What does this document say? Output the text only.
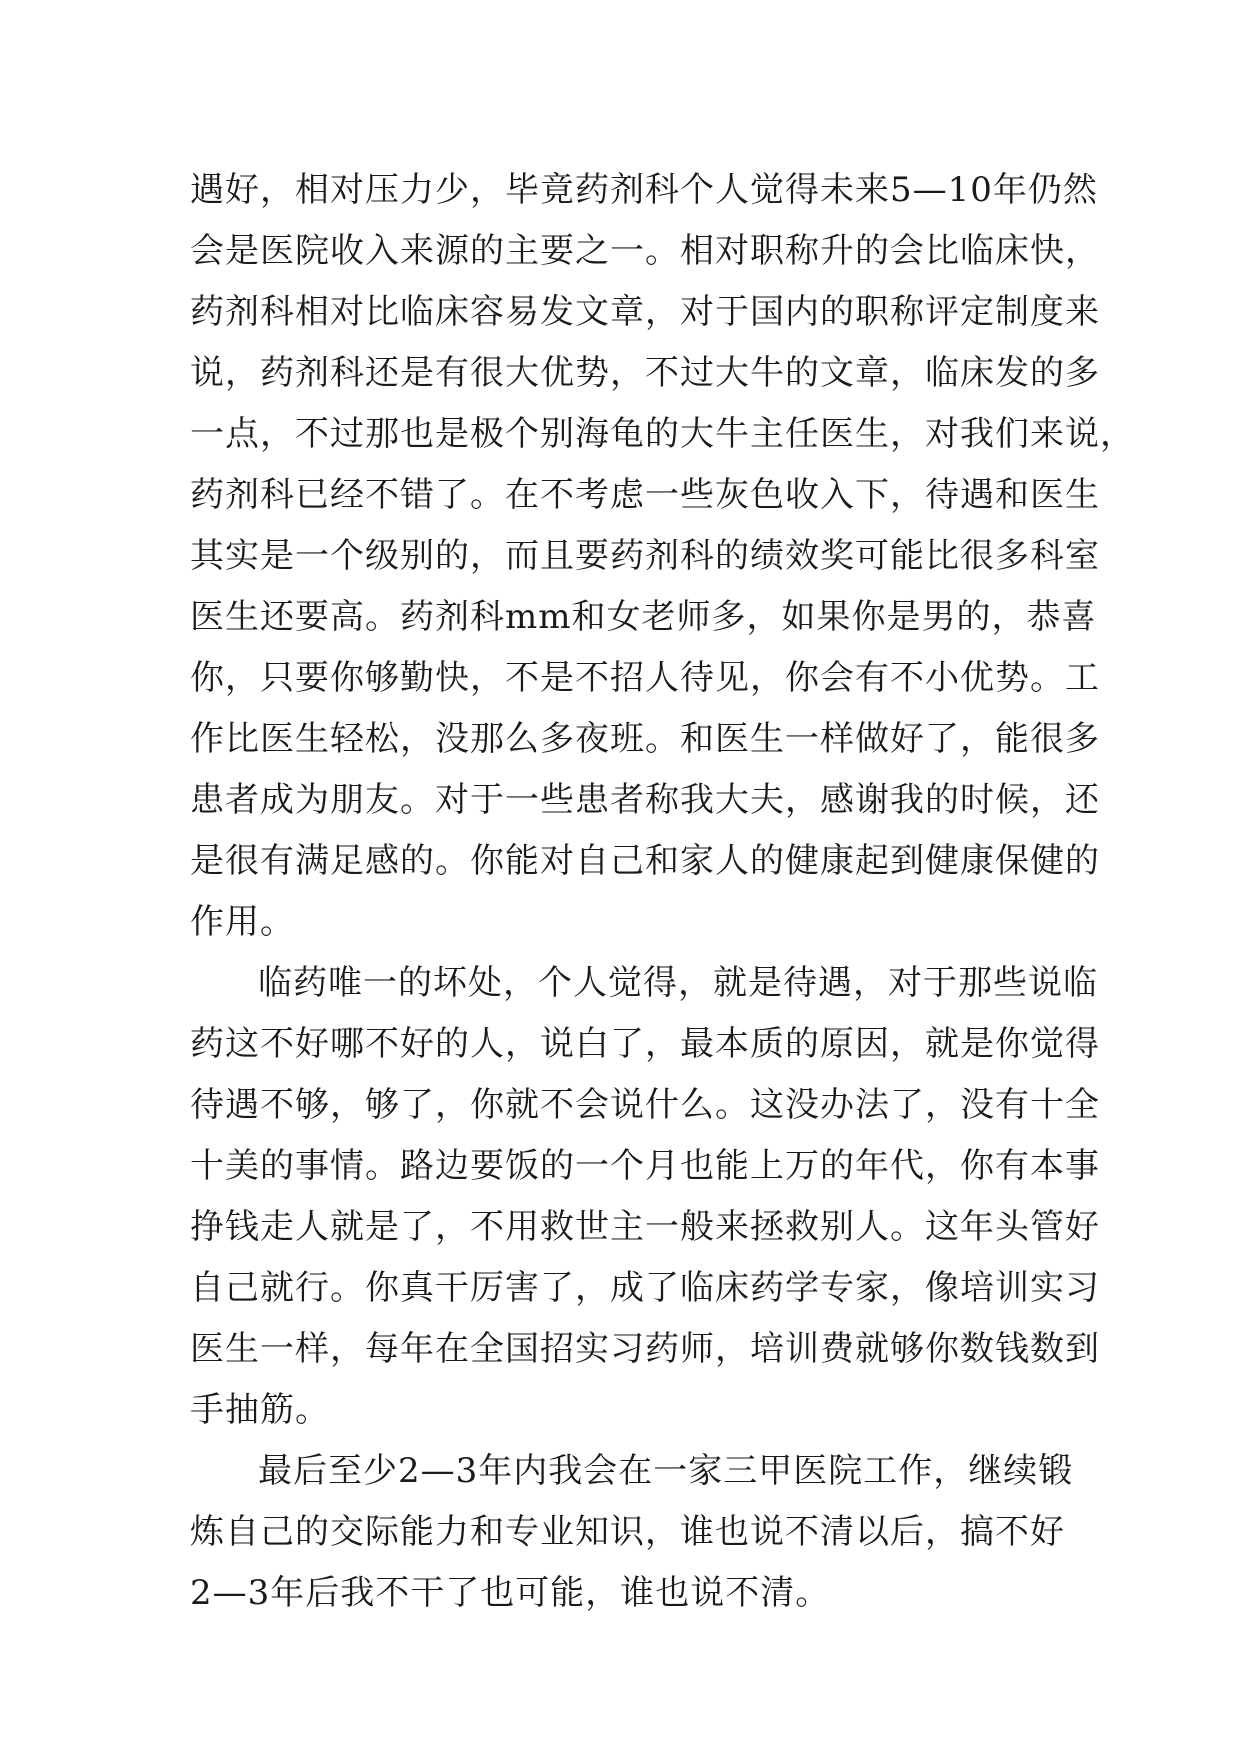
遇好，相对压力少，毕竟药剂科个人觉得未来5—10年仍然
会是医院收入来源的主要之一。相对职称升的会比临床快，
药剂科相对比临床容易发文章，对于国内的职称评定制度来
说，药剂科还是有很大优势，不过大牛的文章，临床发的多
一点，不过那也是极个别海龟的大牛主任医生，对我们来说，
药剂科已经不错了。在不考虑一些灰色收入下，待遇和医生
其实是一个级别的，而且要药剂科的绩效奖可能比很多科室
医生还要高。药剂科mm和女老师多，如果你是男的，恭喜
你，只要你够勤快，不是不招人待见，你会有不小优势。工
作比医生轻松，没那么多夜班。和医生一样做好了，能很多
患者成为朋友。对于一些患者称我大夫，感谢我的时候，还
是很有满足感的。你能对自己和家人的健康起到健康保健的
作用。
临药唯一的坏处，个人觉得，就是待遇，对于那些说临
药这不好哪不好的人，说白了，最本质的原因，就是你觉得
待遇不够，够了，你就不会说什么。这没办法了，没有十全
十美的事情。路边要饭的一个月也能上万的年代，你有本事
挣钱走人就是了，不用救世主一般来拯救别人。这年头管好
自己就行。你真干厉害了，成了临床药学专家，像培训实习
医生一样，每年在全国招实习药师，培训费就够你数钱数到
手抽筋。
最后至少2—3年内我会在一家三甲医院工作，继续锻
炼自己的交际能力和专业知识，谁也说不清以后，搞不好
2—3年后我不干了也可能，谁也说不清。
